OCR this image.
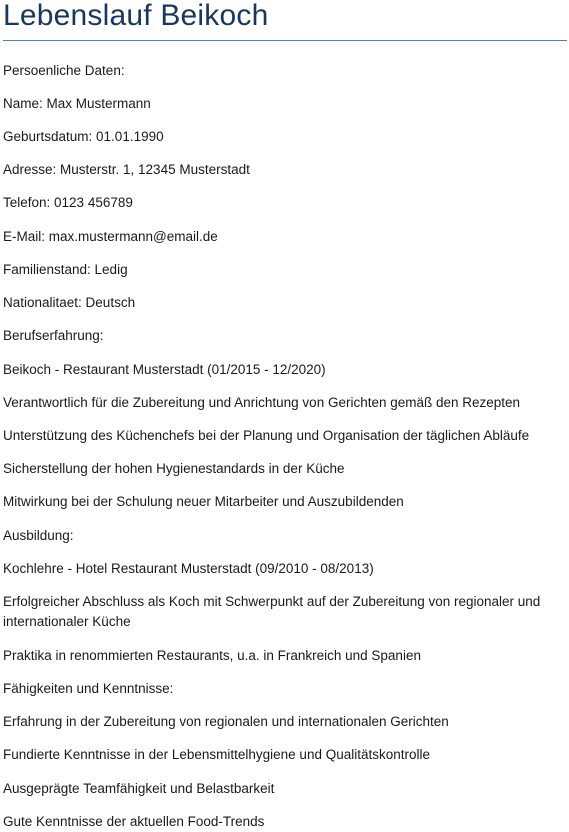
Lebenslauf Beikoch

Persoenliche Daten:

Name: Max Mustermann

Geburtsdatum: 01.01.1990

Adresse: Musterstr. 1, 12345 Musterstadt

Telefon: 0123 456789

E-Mail: max.mustermann@email.de

Familienstand: Ledig

Nationalitaet: Deutsch

Berufserfahrung:

Beikoch - Restaurant Musterstadt (01/2015 - 12/2020)

Verantwortlich für die Zubereitung und Anrichtung von Gerichten gemäß den Rezepten

Unterstützung des Küchenchefs bei der Planung und Organisation der täglichen Abläufe

Sicherstellung der hohen Hygienestandards in der Küche

Mitwirkung bei der Schulung neuer Mitarbeiter und Auszubildenden

Ausbildung:

Kochlehre - Hotel Restaurant Musterstadt (09/2010 - 08/2013)

Erfolgreicher Abschluss als Koch mit Schwerpunkt auf der Zubereitung von regionaler und internationaler Küche

Praktika in renommierten Restaurants, u.a. in Frankreich und Spanien

Fähigkeiten und Kenntnisse:

Erfahrung in der Zubereitung von regionalen und internationalen Gerichten

Fundierte Kenntnisse in der Lebensmittelhygiene und Qualitätskontrolle

Ausgeprägte Teamfähigkeit und Belastbarkeit

Gute Kenntnisse der aktuellen Food-Trends
